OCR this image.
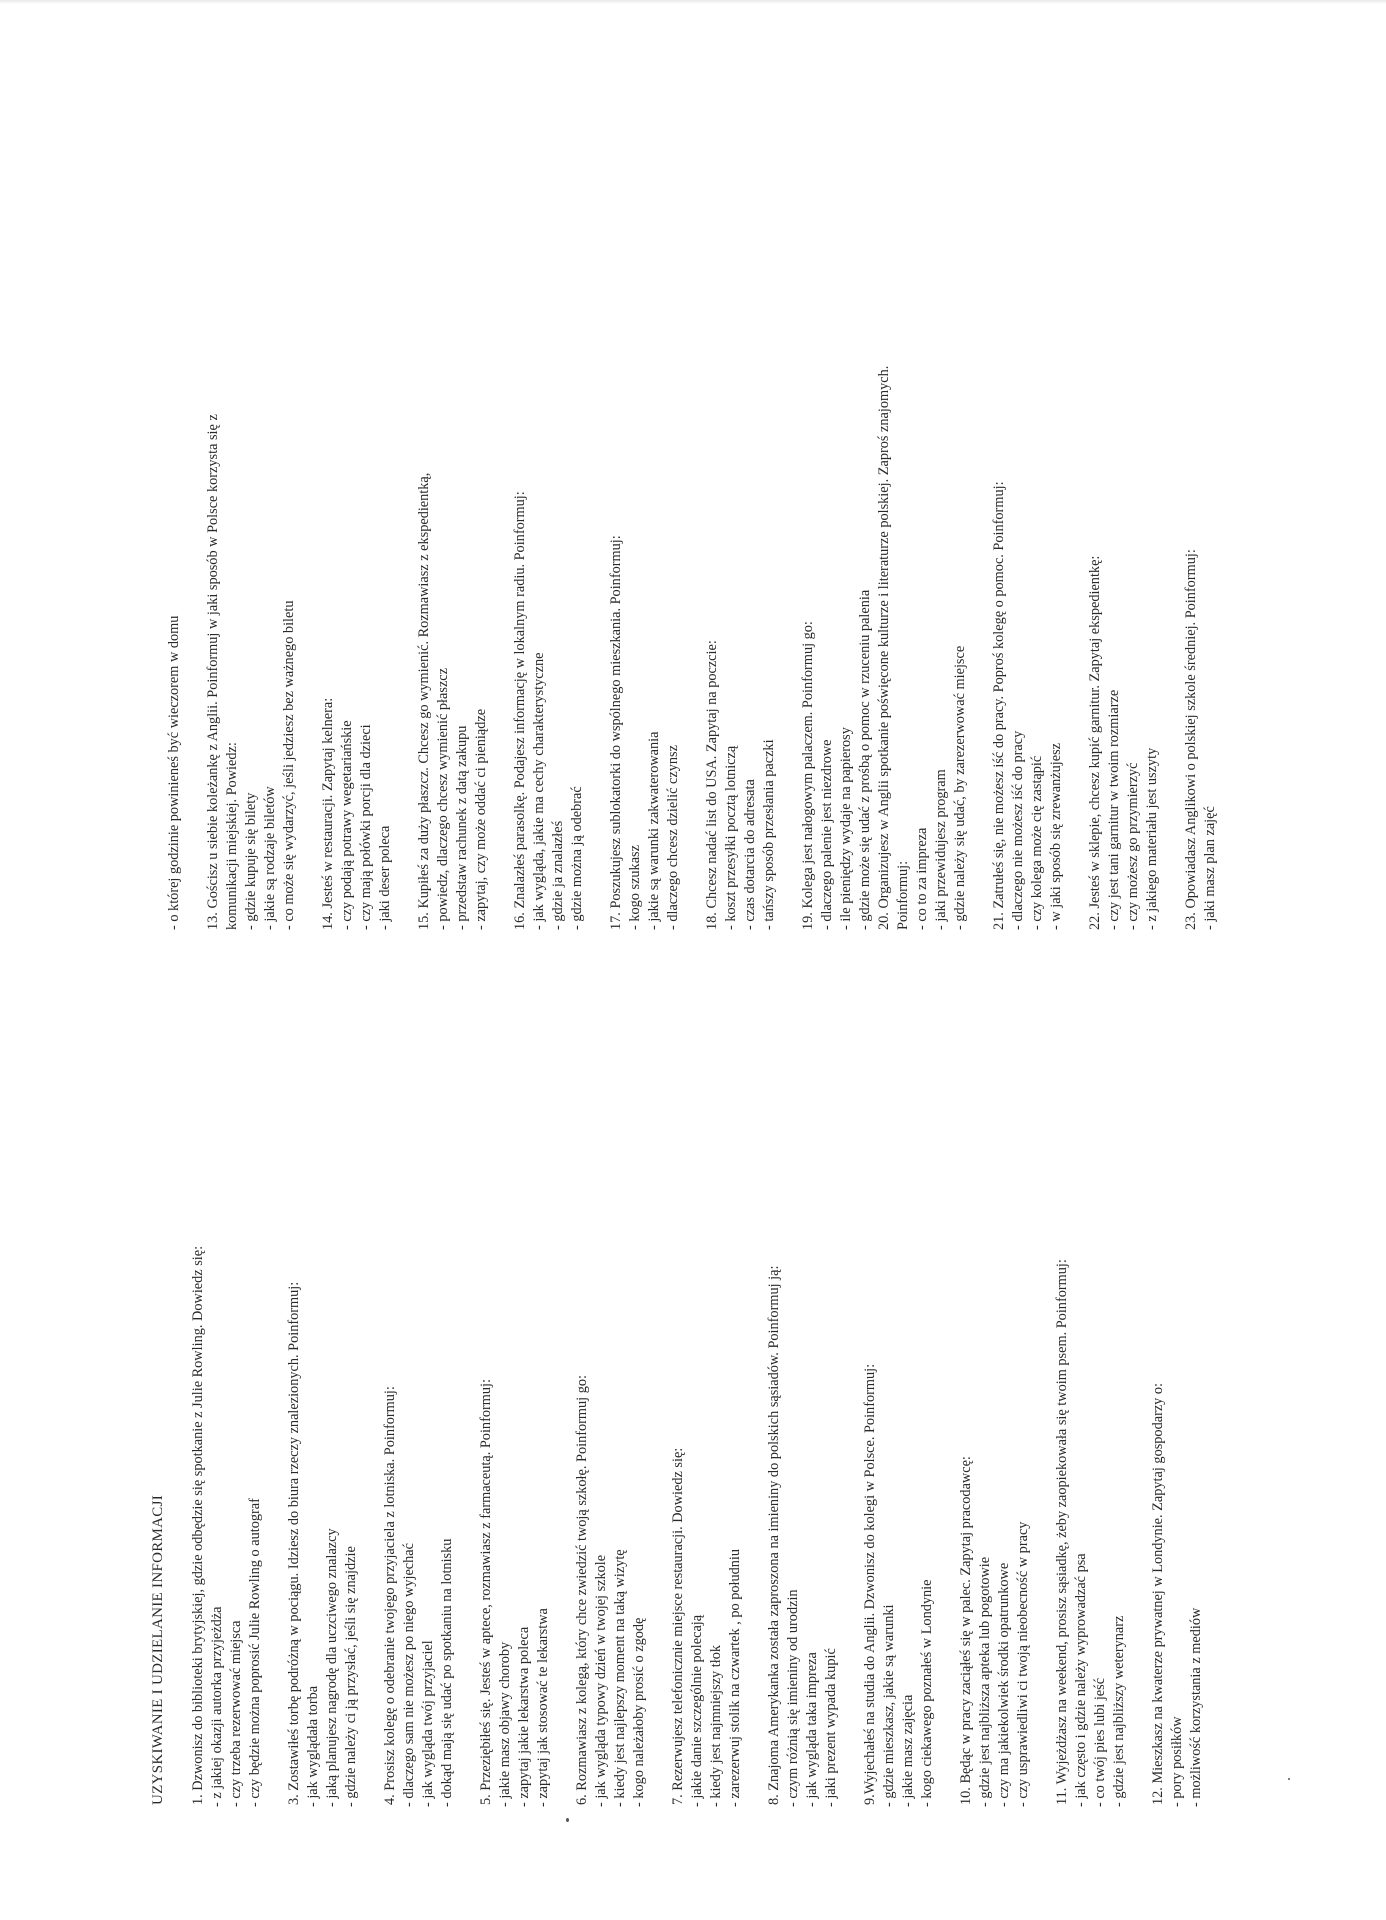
UZYSKIWANIE I UDZIELANIE INFORMACJI 1. Dzwonisz do biblioteki brytyjskiej, gdzie odbędzie się spotkanie z Julie Rowling. Dowiedz się: - z jakiej okazji autorka przyjeżdża - czy trzeba rezerwować miejsca - czy będzie można poprosić Julie Rowling o autograf 3. Zostawiłeś torbę podróżną w pociągu. Idziesz do biura rzeczy znalezionych. Poinformuj: - jak wyglądała torba - jaką planujesz nagrodę dla uczciwego znalazcy - gdzie należy ci ją przysłać, jeśli się znajdzie 4. Prosisz kolegę o odebranie twojego przyjaciela z lotniska. Poinformuj: - dlaczego sam nie możesz po niego wyjechać - jak wygląda twój przyjaciel - dokąd mają się udać po spotkaniu na lotnisku 5. Przeziębiłeś się. Jesteś w aptece, rozmawiasz z farmaceutą. Poinformuj: - jakie masz objawy choroby - zapytaj jakie lekarstwa poleca - zapytaj jak stosować te lekarstwa 6. Rozmawiasz z kolegą, który chce zwiedzić twoją szkołę. Poinformuj go: - jak wygląda typowy dzień w twojej szkole - kiedy jest najlepszy moment na taką wizytę - kogo należałoby prosić o zgodę 7. Rezerwujesz telefonicznie miejsce restauracji. Dowiedz się: - jakie danie szczególnie polecają - kiedy jest najmniejszy tłok - zarezerwuj stolik na czwartek , po południu 8. Znajoma Amerykanka została zaproszona na imieniny do polskich sąsiadów. Poinformuj ją: - czym różnią się imieniny od urodzin - jak wygląda taka impreza - jaki prezent wypada kupić 9.Wyjechałeś na studia do Anglii. Dzwonisz do kolegi w Polsce. Poinformuj: - gdzie mieszkasz, jakie są warunki - jakie masz zajęcia - kogo ciekawego poznałeś w Londynie 10. Będąc w pracy zaciąłeś się w palec. Zapytaj pracodawcę: - gdzie jest najbliższa apteka lub pogotowie - czy ma jakiekolwiek środki opatrunkowe - czy usprawiedliwi ci twoją nieobecność w pracy 11. Wyjeżdżasz na weekend, prosisz sąsiadkę, żeby zaopiekowała się twoim psem. Poinformuj: - jak często i gdzie należy wyprowadzać psa - co twój pies lubi jeść - gdzie jest najbliższy weterynarz 12. Mieszkasz na kwaterze prywatnej w Londynie. Zapytaj gospodarzy o: - pory posiłków - możliwość korzystania z mediów
- o której godzinie powinieneś być wieczorem w domu 13. Gościsz u siebie koleżankę z Anglii. Poinformuj w jaki sposób w Polsce korzysta się z komunikacji miejskiej. Powiedz: - gdzie kupuje się bilety - jakie są rodzaje biletów - co może się wydarzyć, jeśli jedziesz bez ważnego biletu 14. Jesteś w restauracji. Zapytaj kelnera: - czy podają potrawy wegetariańskie - czy mają połówki porcji dla dzieci - jaki deser poleca 15. Kupiłeś za duży płaszcz. Chcesz go wymienić. Rozmawiasz z ekspedientką, - powiedz, dlaczego chcesz wymienić płaszcz - przedstaw rachunek z datą zakupu - zapytaj, czy może oddać ci pieniądze 16. Znalazłeś parasolkę. Podajesz informację w lokalnym radiu. Poinformuj: - jak wygląda, jakie ma cechy charakterystyczne - gdzie ja znalazłeś - gdzie można ją odebrać 17. Poszukujesz sublokatorki do wspólnego mieszkania. Poinformuj: - kogo szukasz - jakie są warunki zakwaterowania - dlaczego chcesz dzielić czynsz 18. Chcesz nadać list do USA. Zapytaj na poczcie: - koszt przesyłki pocztą lotniczą - czas dotarcia do adresata - tańszy sposób przesłania paczki 19. Kolega jest nałogowym palaczem. Poinformuj go: - dlaczego palenie jest niezdrowe - ile pieniędzy wydaje na papierosy - gdzie może się udać z prośbą o pomoc w rzuceniu palenia 20. Organizujesz w Anglii spotkanie poświęcone kulturze i literaturze polskiej. Zaproś znajomych. Poinformuj: - co to za impreza - jaki przewidujesz program - gdzie należy się udać, by zarezerwować miejsce 21. Zatrułeś się, nie możesz iść do pracy. Poproś kolegę o pomoc. Poinformuj: - dlaczego nie możesz iść do pracy - czy kolega może cię zastąpić - w jaki sposób się zrewanżujesz 22. Jesteś w sklepie, chcesz kupić garnitur. Zapytaj ekspedientkę: - czy jest tani garnitur w twoim rozmiarze - czy możesz go przymierzyć - z jakiego materiału jest uszyty 23. Opowiadasz Anglikowi o polskiej szkole średniej. Poinformuj: - jaki masz plan zajęć
